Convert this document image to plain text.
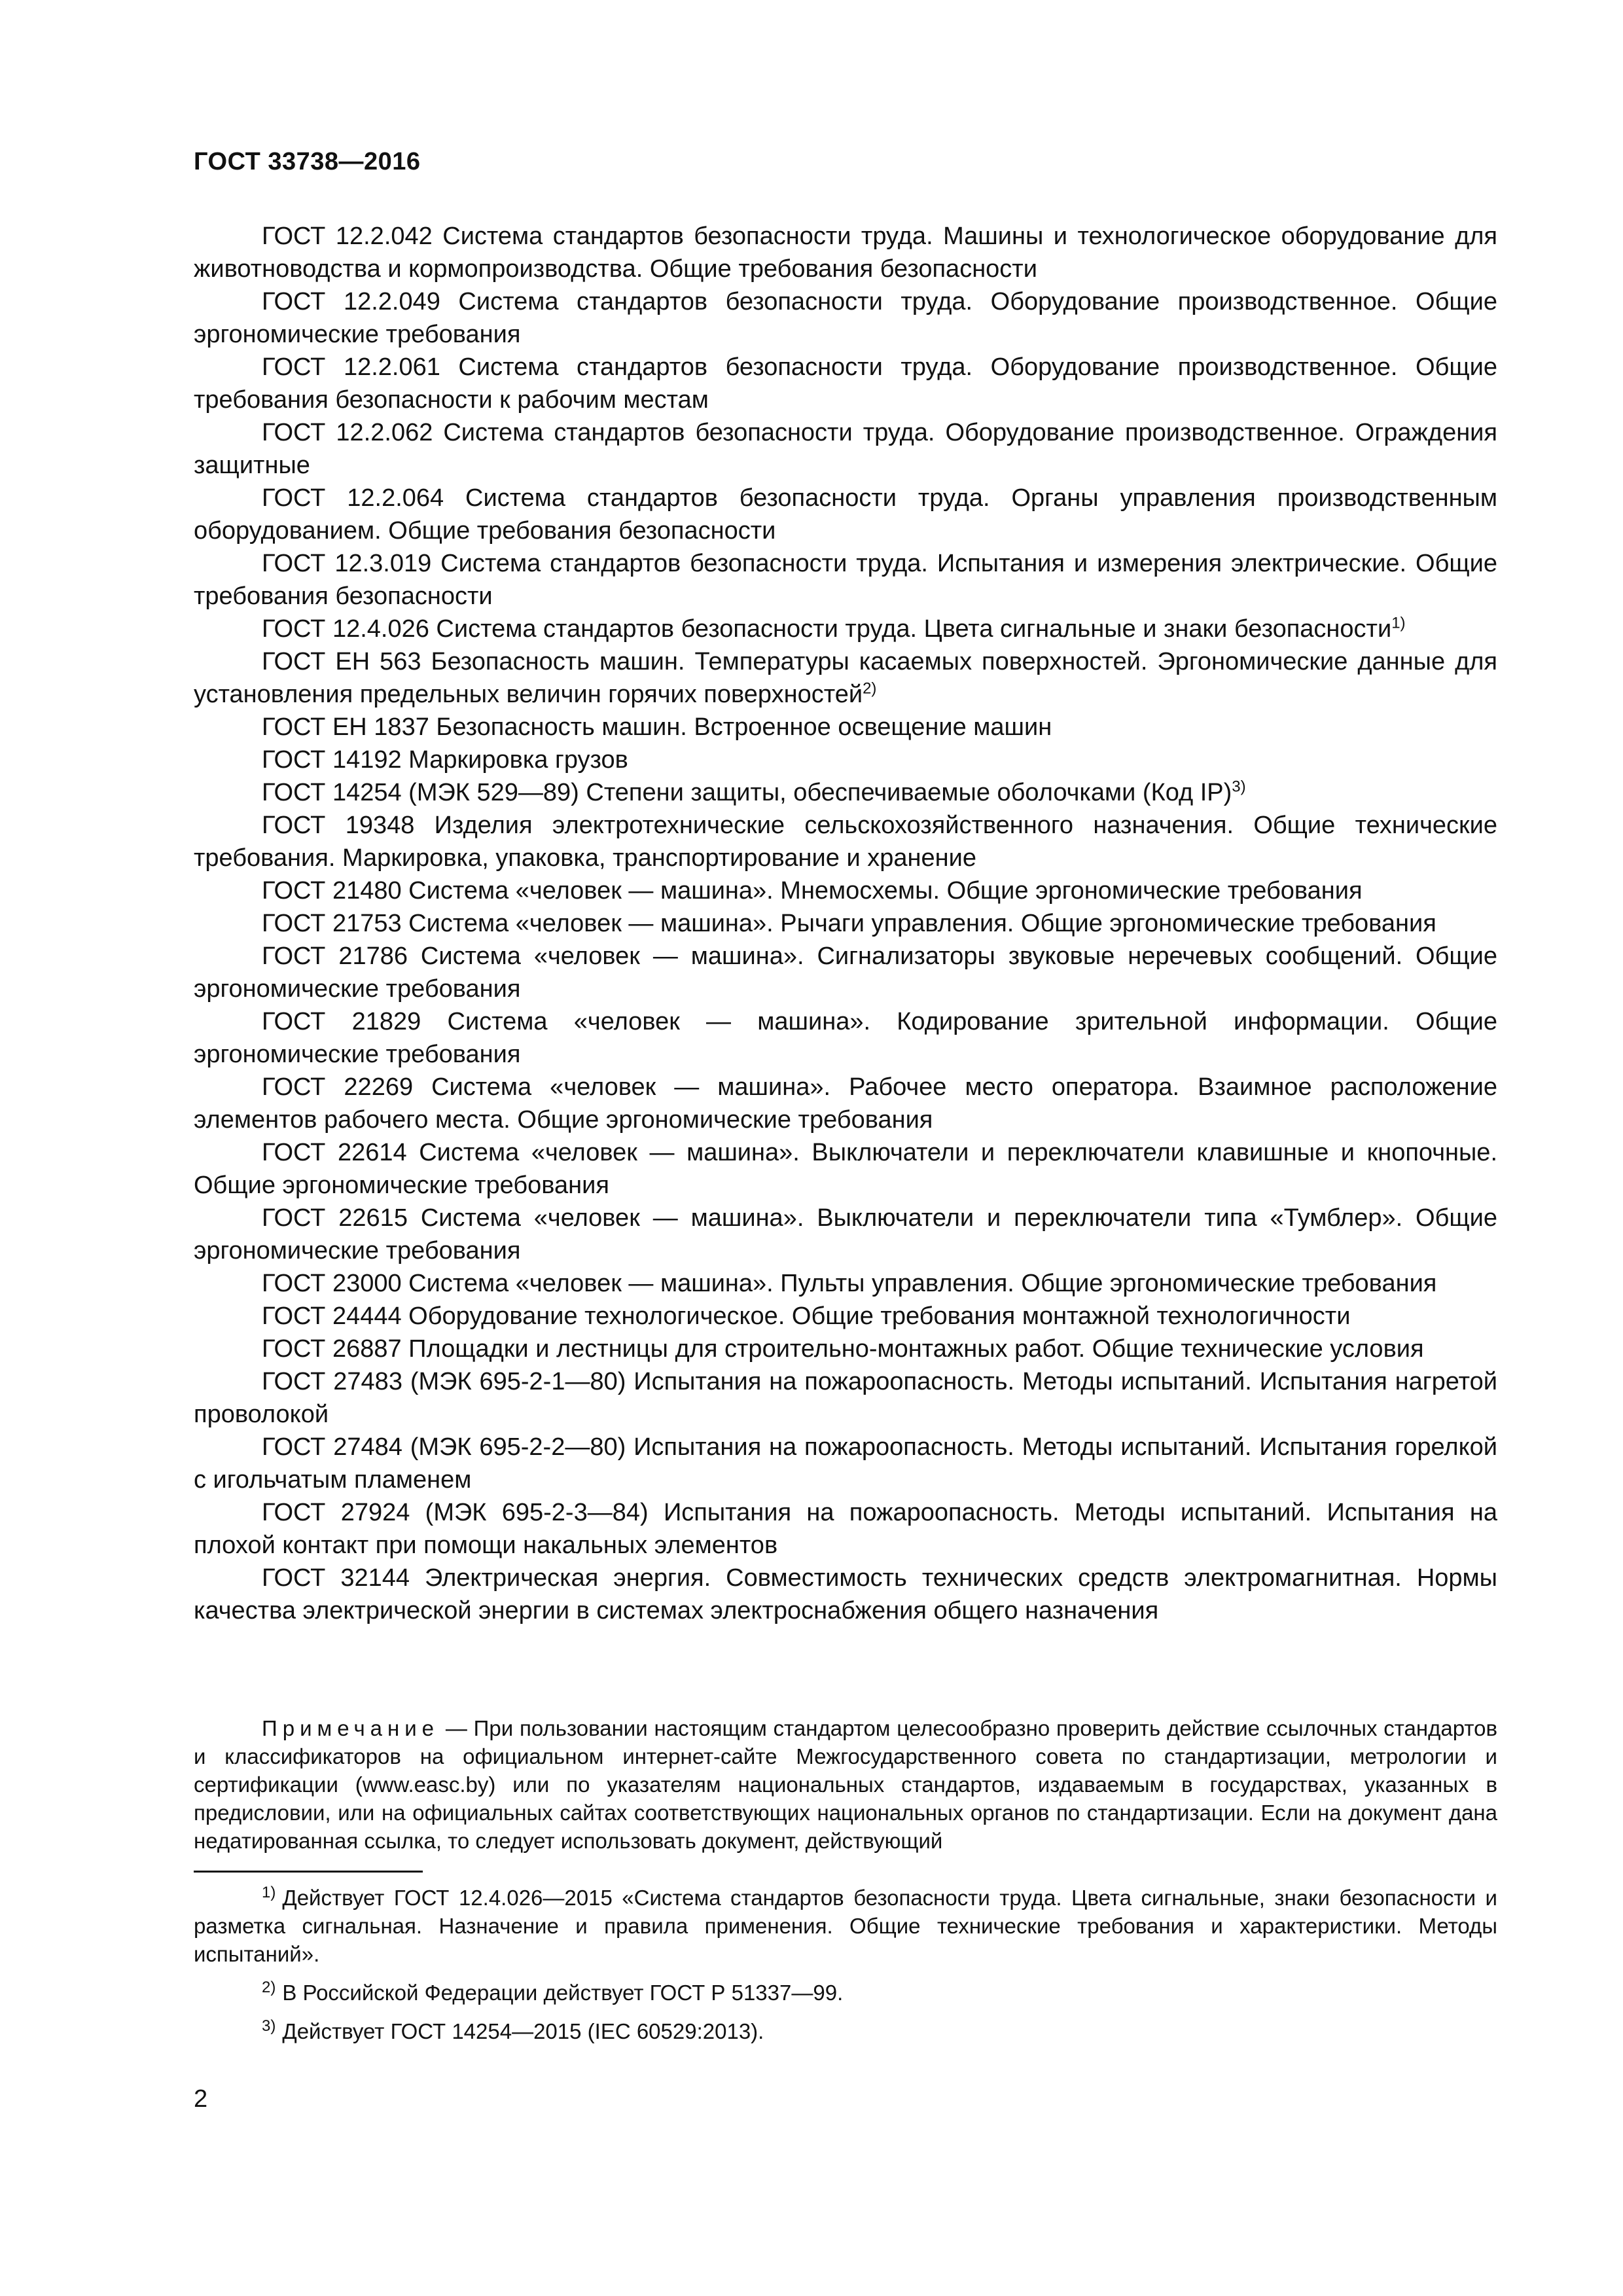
ГОСТ 33738—2016

ГОСТ 12.2.042 Система стандартов безопасности труда. Машины и технологическое оборудование для животноводства и кормопроизводства. Общие требования безопасности

ГОСТ 12.2.049 Система стандартов безопасности труда. Оборудование производственное. Общие эргономические требования

ГОСТ 12.2.061 Система стандартов безопасности труда. Оборудование производственное. Общие требования безопасности к рабочим местам

ГОСТ 12.2.062 Система стандартов безопасности труда. Оборудование производственное. Ограждения защитные

ГОСТ 12.2.064 Система стандартов безопасности труда. Органы управления производственным оборудованием. Общие требования безопасности

ГОСТ 12.3.019 Система стандартов безопасности труда. Испытания и измерения электрические. Общие требования безопасности

ГОСТ 12.4.026 Система стандартов безопасности труда. Цвета сигнальные и знаки безопасности$^{1)}$

ГОСТ ЕН 563 Безопасность машин. Температуры касаемых поверхностей. Эргономические данные для установления предельных величин горячих поверхностей$^{2)}$

ГОСТ ЕН 1837 Безопасность машин. Встроенное освещение машин

ГОСТ 14192 Маркировка грузов

ГОСТ 14254 (МЭК 529—89) Степени защиты, обеспечиваемые оболочками (Код IP)$^{3)}$

ГОСТ 19348 Изделия электротехнические сельскохозяйственного назначения. Общие технические требования. Маркировка, упаковка, транспортирование и хранение

ГОСТ 21480 Система «человек — машина». Мнемосхемы. Общие эргономические требования

ГОСТ 21753 Система «человек — машина». Рычаги управления. Общие эргономические требования

ГОСТ 21786 Система «человек — машина». Сигнализаторы звуковые неречевых сообщений. Общие эргономические требования

ГОСТ 21829 Система «человек — машина». Кодирование зрительной информации. Общие эргономические требования

ГОСТ 22269 Система «человек — машина». Рабочее место оператора. Взаимное расположение элементов рабочего места. Общие эргономические требования

ГОСТ 22614 Система «человек — машина». Выключатели и переключатели клавишные и кнопочные. Общие эргономические требования

ГОСТ 22615 Система «человек — машина». Выключатели и переключатели типа «Тумблер». Общие эргономические требования

ГОСТ 23000 Система «человек — машина». Пульты управления. Общие эргономические требования

ГОСТ 24444 Оборудование технологическое. Общие требования монтажной технологичности

ГОСТ 26887 Площадки и лестницы для строительно-монтажных работ. Общие технические условия

ГОСТ 27483 (МЭК 695-2-1—80) Испытания на пожароопасность. Методы испытаний. Испытания нагретой проволокой

ГОСТ 27484 (МЭК 695-2-2—80) Испытания на пожароопасность. Методы испытаний. Испытания горелкой с игольчатым пламенем

ГОСТ 27924 (МЭК 695-2-3—84) Испытания на пожароопасность. Методы испытаний. Испытания на плохой контакт при помощи накальных элементов

ГОСТ 32144 Электрическая энергия. Совместимость технических средств электромагнитная. Нормы качества электрической энергии в системах электроснабжения общего назначения

Примечание — При пользовании настоящим стандартом целесообразно проверить действие ссылочных стандартов и классификаторов на официальном интернет-сайте Межгосударственного совета по стандартизации, метрологии и сертификации (www.easc.by) или по указателям национальных стандартов, издаваемым в государствах, указанных в предисловии, или на официальных сайтах соответствующих национальных органов по стандартизации. Если на документ дана недатированная ссылка, то следует использовать документ, действующий

$^{1)}$ Действует ГОСТ 12.4.026—2015 «Система стандартов безопасности труда. Цвета сигнальные, знаки безопасности и разметка сигнальная. Назначение и правила применения. Общие технические требования и характеристики. Методы испытаний».

$^{2)}$ В Российской Федерации действует ГОСТ Р 51337—99.

$^{3)}$ Действует ГОСТ 14254—2015 (IEC 60529:2013).

2
